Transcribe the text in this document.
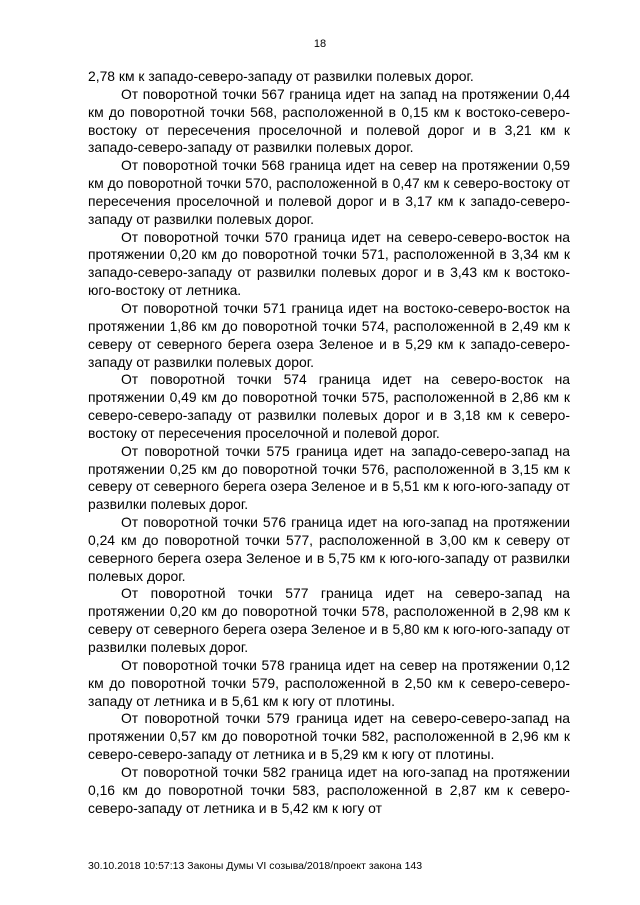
18

2,78 км к западо-северо-западу от развилки полевых дорог.

От поворотной точки 567 граница идет на запад на протяжении 0,44 км до поворотной точки 568, расположенной в 0,15 км к востоко-северо-востоку от пересечения проселочной и полевой дорог и в 3,21 км к западо-северо-западу от развилки полевых дорог.

От поворотной точки 568 граница идет на север на протяжении 0,59 км до поворотной точки 570, расположенной в 0,47 км к северо-востоку от пересечения проселочной и полевой дорог и в 3,17 км к западо-северо-западу от развилки полевых дорог.

От поворотной точки 570 граница идет на северо-северо-восток на протяжении 0,20 км до поворотной точки 571, расположенной в 3,34 км к западо-северо-западу от развилки полевых дорог и в 3,43 км к востоко-юго-востоку от летника.

От поворотной точки 571 граница идет на востоко-северо-восток на протяжении 1,86 км до поворотной точки 574, расположенной в 2,49 км к северу от северного берега озера Зеленое и в 5,29 км к западо-северо-западу от развилки полевых дорог.

От поворотной точки 574 граница идет на северо-восток на протяжении 0,49 км до поворотной точки 575, расположенной в 2,86 км к северо-северо-западу от развилки полевых дорог и в 3,18 км к северо-востоку от пересечения проселочной и полевой дорог.

От поворотной точки 575 граница идет на западо-северо-запад на протяжении 0,25 км до поворотной точки 576, расположенной в 3,15 км к северу от северного берега озера Зеленое и в 5,51 км к юго-юго-западу от развилки полевых дорог.

От поворотной точки 576 граница идет на юго-запад на протяжении 0,24 км до поворотной точки 577, расположенной в 3,00 км к северу от северного берега озера Зеленое и в 5,75 км к юго-юго-западу от развилки полевых дорог.

От поворотной точки 577 граница идет на северо-запад на протяжении 0,20 км до поворотной точки 578, расположенной в 2,98 км к северу от северного берега озера Зеленое и в 5,80 км к юго-юго-западу от развилки полевых дорог.

От поворотной точки 578 граница идет на север на протяжении 0,12 км до поворотной точки 579, расположенной в 2,50 км к северо-северо-западу от летника и в 5,61 км к югу от плотины.

От поворотной точки 579 граница идет на северо-северо-запад на протяжении 0,57 км до поворотной точки 582, расположенной в 2,96 км к северо-северо-западу от летника и в 5,29 км к югу от плотины.

От поворотной точки 582 граница идет на юго-запад на протяжении 0,16 км до поворотной точки 583, расположенной в 2,87 км к северо-северо-западу от летника и в 5,42 км к югу от

30.10.2018 10:57:13 Законы Думы VI созыва/2018/проект закона 143
